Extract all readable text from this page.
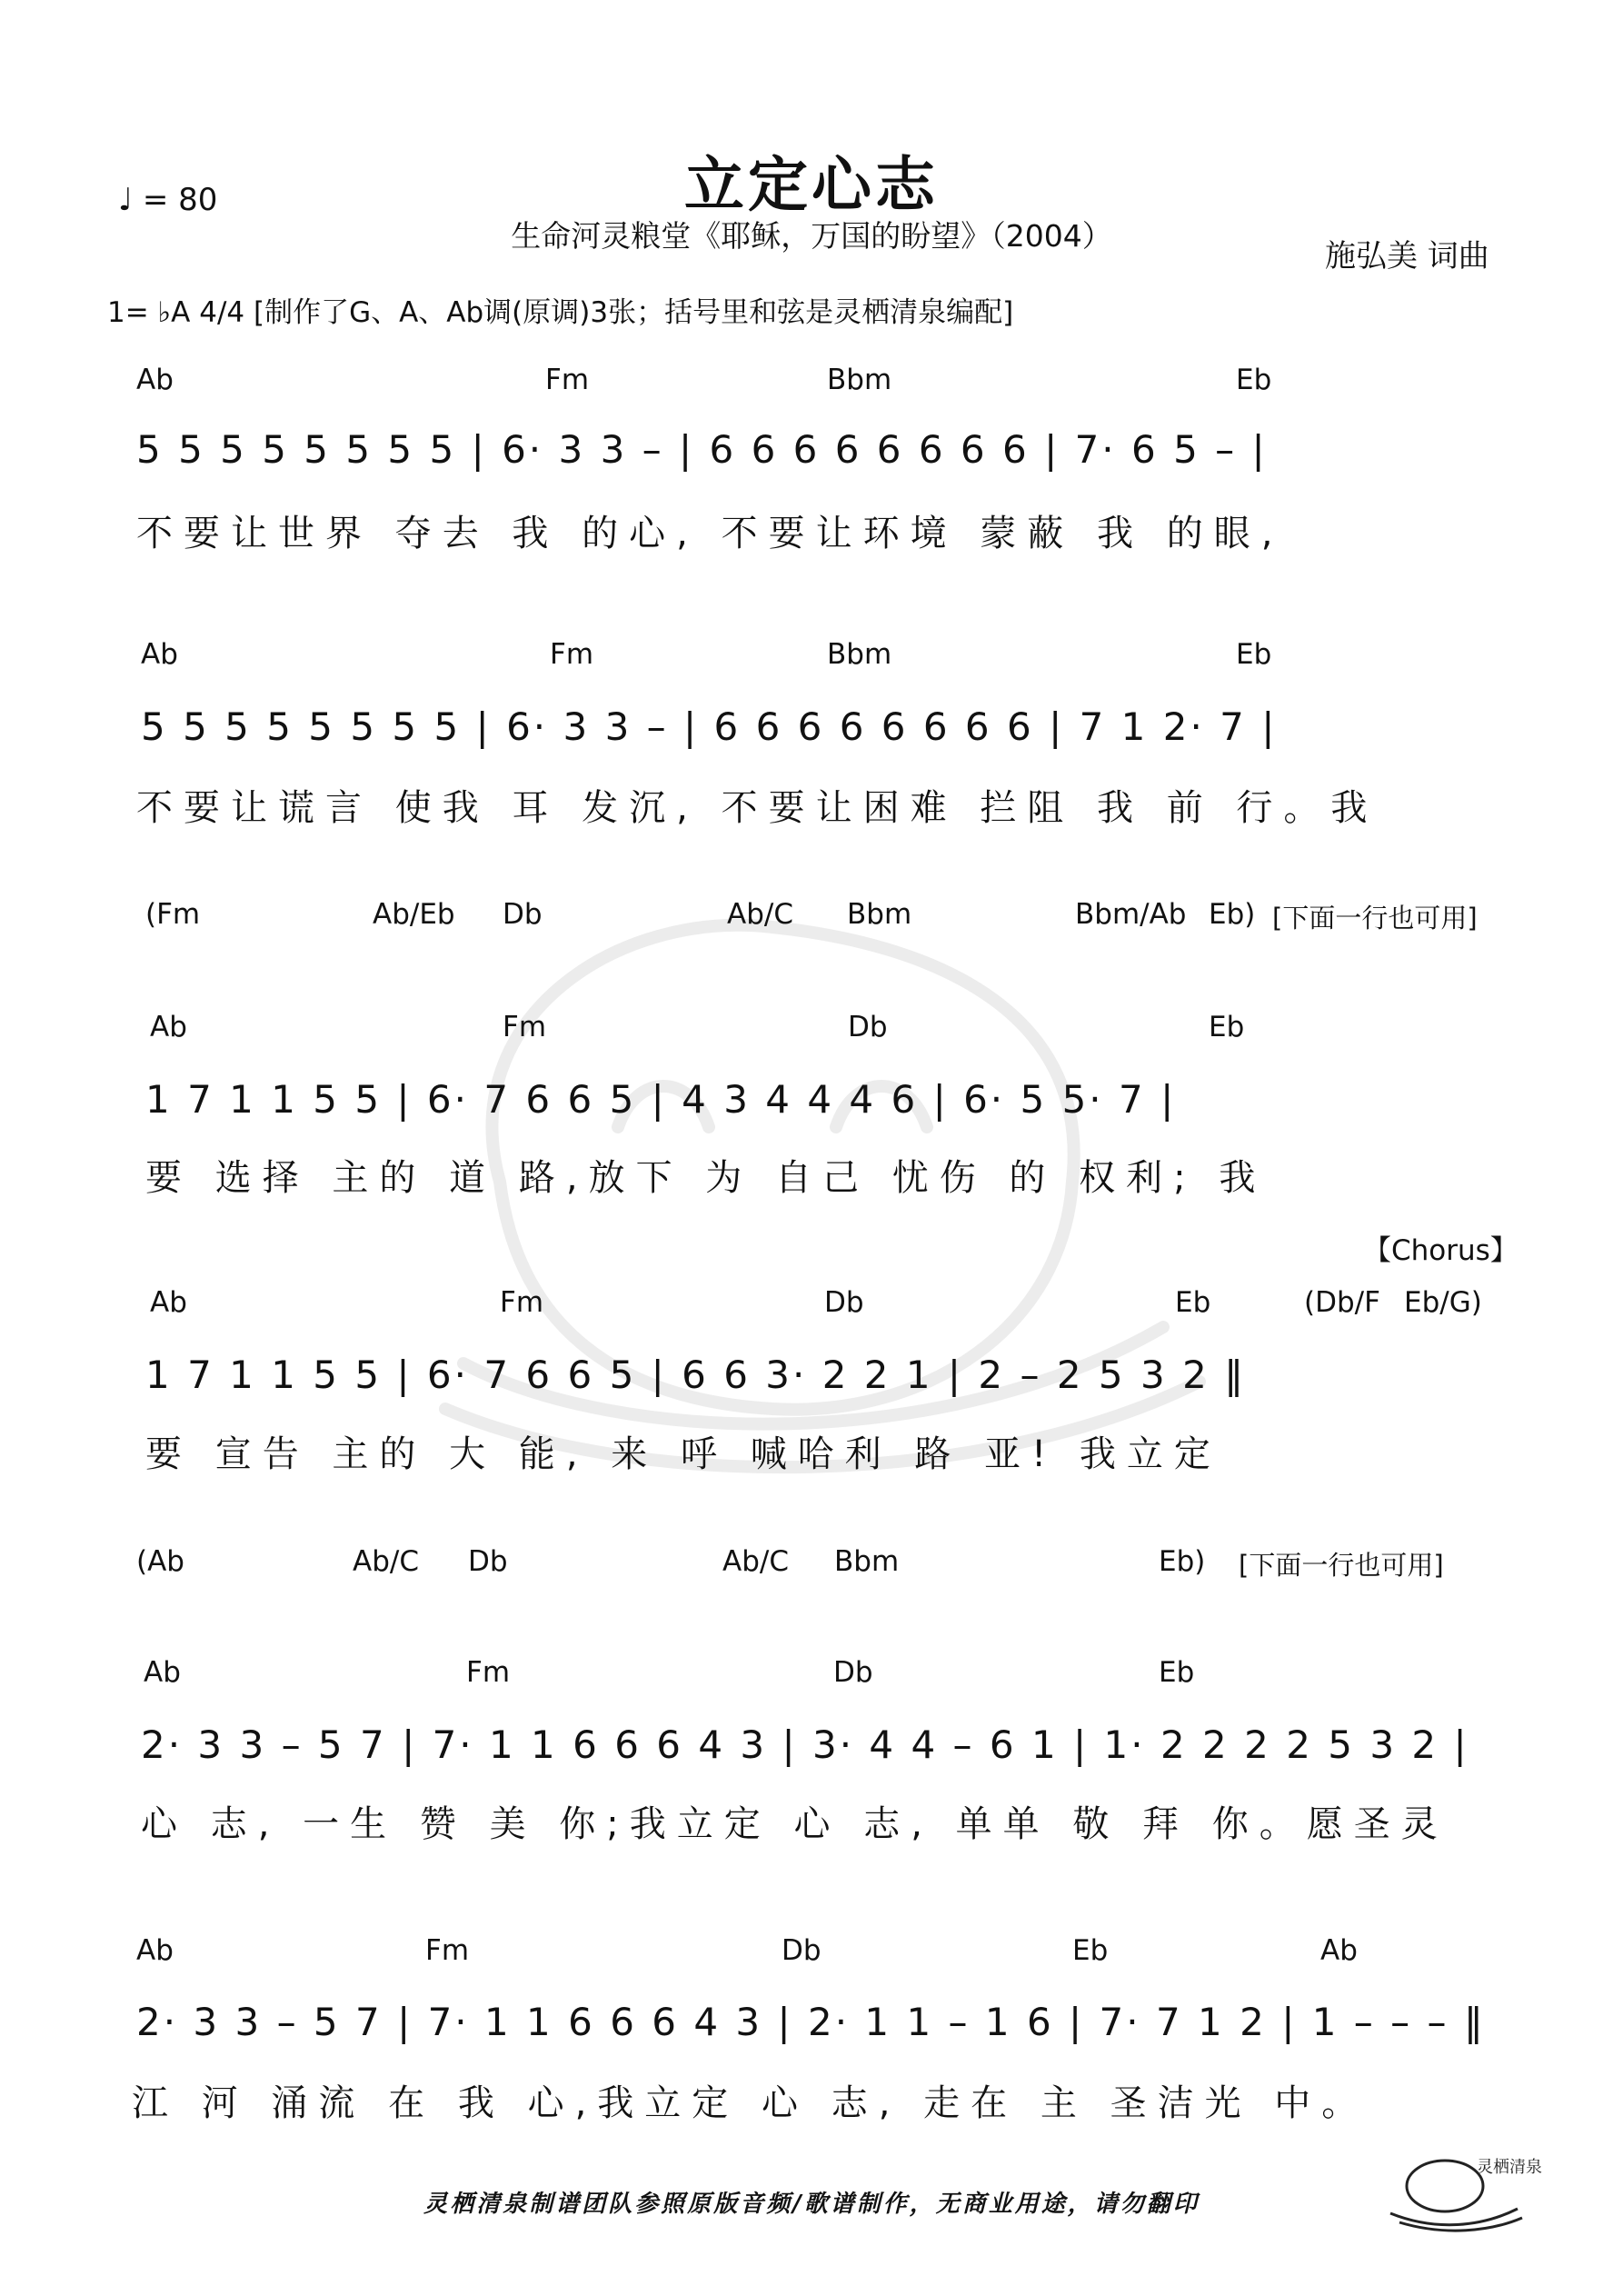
立定心志
生命河灵粮堂《耶稣，万国的盼望》（2004）
施弘美 词曲
♩ = 80
1= ♭A 4/4 [制作了G、A、Ab调(原调)3张；括号里和弦是灵栖清泉编配]
Ab	Fm	Bbm	Eb
5 5 5 5 5 5 5 5 | 6· 3 3 – | 6 6 6 6 6 6 6 6 | 7· 6 5 – |
不要让世界 夺去 我 的心, 不要让环境 蒙蔽 我 的眼,
Ab	Fm	Bbm	Eb
5 5 5 5 5 5 5 5 | 6· 3 3 – | 6 6 6 6 6 6 6 6 | 7 1 2· 7 |
不要让谎言 使我 耳 发沉, 不要让困难 拦阻 我 前 行。我
(Fm	Ab/Eb Db	Ab/C Bbm	Bbm/Ab Eb) [下面一行也可用]
Ab	Fm	Db	Eb
1 7 1 1 5 5 | 6· 7 6 6 5 | 4 3 4 4 4 6 | 6· 5 5· 7 |
要 选择 主的 道 路,放下 为 自己 忧伤 的 权利; 我
【Chorus】
Ab	Fm	Db	Eb	(Db/F Eb/G)
1 7 1 1 5 5 | 6· 7 6 6 5 | 6 6 3· 2 2 1 | 2 – 2 5 3 2 ‖
要 宣告 主的 大 能, 来 呼 喊哈利 路 亚! 我立定
(Ab	Ab/C Db	Ab/C Bbm	Eb) [下面一行也可用]
Ab	Fm	Db	Eb
2· 3 3 – 5 7 | 7· 1 1 6 6 6 4 3 | 3· 4 4 – 6 1 | 1· 2 2 2 2 5 3 2 |
心 志, 一生 赞 美 你;我立定 心 志, 单单 敬 拜 你。愿圣灵
Ab	Fm	Db	Eb	Ab
2· 3 3 – 5 7 | 7· 1 1 6 6 6 4 3 | 2· 1 1 – 1 6 | 7· 7 1 2 | 1 – – – ‖
江 河 涌流 在 我 心,我立定 心 志, 走在 主 圣洁光 中。
灵栖清泉制谱团队参照原版音频/歌谱制作，无商业用途，请勿翻印
灵栖清泉
